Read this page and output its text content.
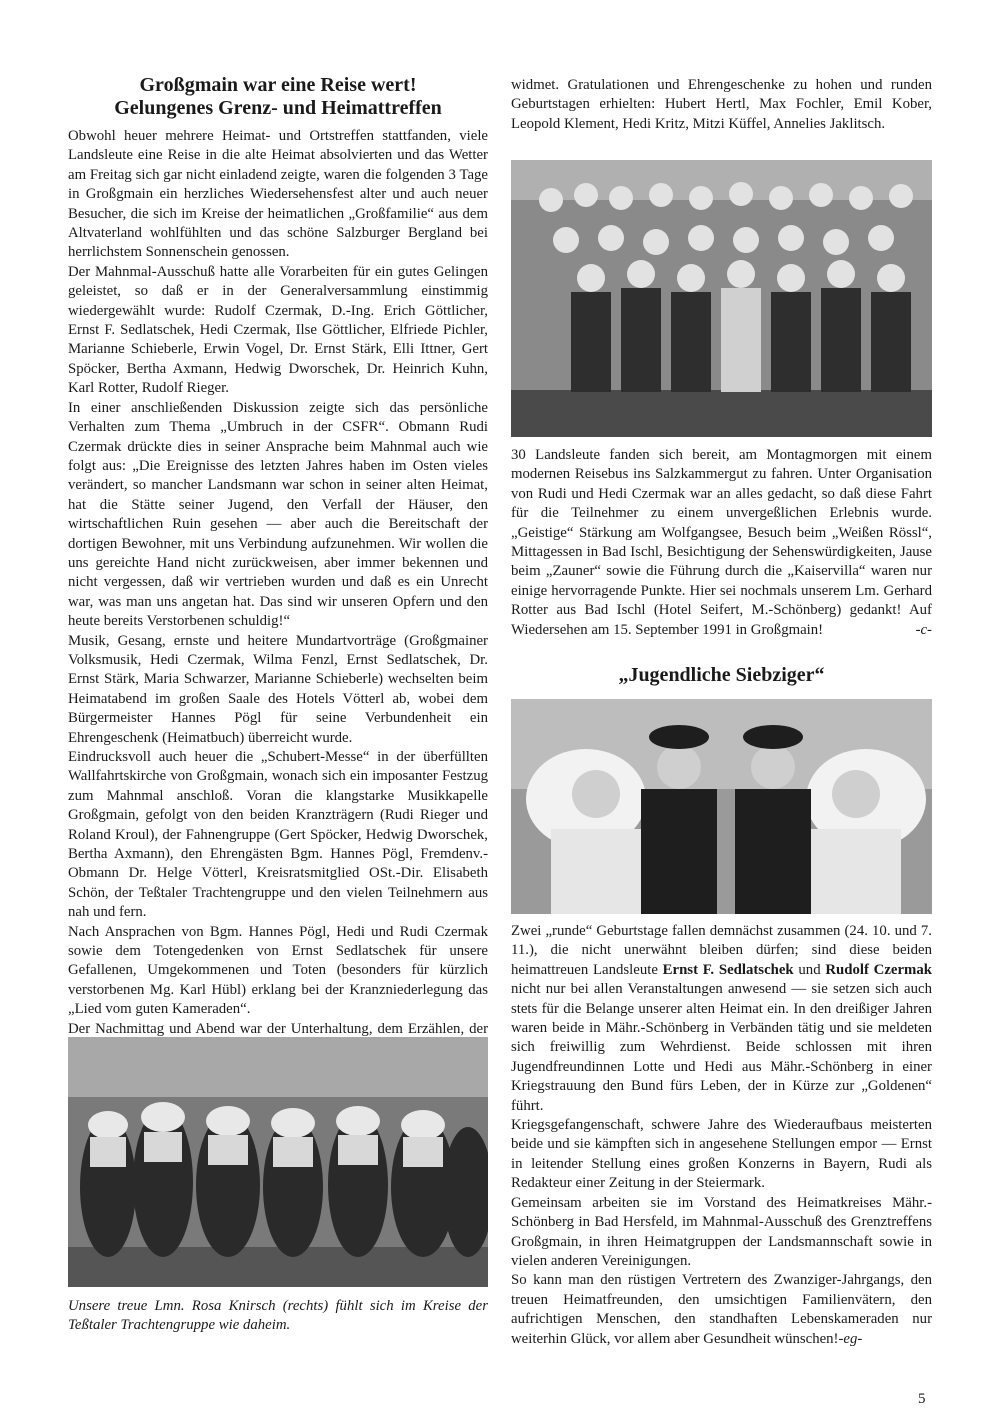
Großgmain war eine Reise wert!
Gelungenes Grenz- und Heimattreffen

Obwohl heuer mehrere Heimat- und Ortstreffen stattfanden, viele Landsleute eine Reise in die alte Heimat absolvierten und das Wetter am Freitag sich gar nicht einladend zeigte, waren die folgenden 3 Tage in Großgmain ein herzliches Wiedersehensfest alter und auch neuer Besucher, die sich im Kreise der heimatlichen „Großfamilie“ aus dem Altvaterland wohlfühlten und das schöne Salzburger Bergland bei herrlichstem Sonnenschein genossen.

Der Mahnmal-Ausschuß hatte alle Vorarbeiten für ein gutes Gelingen geleistet, so daß er in der Generalversammlung einstimmig wiedergewählt wurde: Rudolf Czermak, D.-Ing. Erich Göttlicher, Ernst F. Sedlatschek, Hedi Czermak, Ilse Göttlicher, Elfriede Pichler, Marianne Schieberle, Erwin Vogel, Dr. Ernst Stärk, Elli Ittner, Gert Spöcker, Bertha Axmann, Hedwig Dworschek, Dr. Heinrich Kuhn, Karl Rotter, Rudolf Rieger.

In einer anschließenden Diskussion zeigte sich das persönliche Verhalten zum Thema „Umbruch in der CSFR“. Obmann Rudi Czermak drückte dies in seiner Ansprache beim Mahnmal auch wie folgt aus: „Die Ereignisse des letzten Jahres haben im Osten vieles verändert, so mancher Landsmann war schon in seiner alten Heimat, hat die Stätte seiner Jugend, den Verfall der Häuser, den wirtschaftlichen Ruin gesehen — aber auch die Bereitschaft der dortigen Bewohner, mit uns Verbindung aufzunehmen. Wir wollen die uns gereichte Hand nicht zurückweisen, aber immer bekennen und nicht vergessen, daß wir vertrieben wurden und daß es ein Unrecht war, was man uns angetan hat. Das sind wir unseren Opfern und den heute bereits Verstorbenen schuldig!“

Musik, Gesang, ernste und heitere Mundartvorträge (Großgmainer Volksmusik, Hedi Czermak, Wilma Fenzl, Ernst Sedlatschek, Dr. Ernst Stärk, Maria Schwarzer, Marianne Schieberle) wechselten beim Heimatabend im großen Saale des Hotels Vötterl ab, wobei dem Bürgermeister Hannes Pögl für seine Verbundenheit ein Ehrengeschenk (Heimatbuch) überreicht wurde.

Eindrucksvoll auch heuer die „Schubert-Messe“ in der überfüllten Wallfahrtskirche von Großgmain, wonach sich ein imposanter Festzug zum Mahnmal anschloß. Voran die klangstarke Musikkapelle Großgmain, gefolgt von den beiden Kranzträgern (Rudi Rieger und Roland Kroul), der Fahnengruppe (Gert Spöcker, Hedwig Dworschek, Bertha Axmann), den Ehrengästen Bgm. Hannes Pögl, Fremdenv.-Obmann Dr. Helge Vötterl, Kreisratsmitglied OSt.-Dir. Elisabeth Schön, der Teßtaler Trachtengruppe und den vielen Teilnehmern aus nah und fern.

Nach Ansprachen von Bgm. Hannes Pögl, Hedi und Rudi Czermak sowie dem Totengedenken von Ernst Sedlatschek für unsere Gefallenen, Umgekommenen und Toten (besonders für kürzlich verstorbenen Mg. Karl Hübl) erklang bei der Kranzniederlegung das „Lied vom guten Kameraden“.

Der Nachmittag und Abend war der Unterhaltung, dem Erzählen, der

Unsere treue Lmn. Rosa Knirsch (rechts) fühlt sich im Kreise der Teßtaler Trachtengruppe wie daheim.

widmet. Gratulationen und Ehrengeschenke zu hohen und runden Geburtstagen erhielten: Hubert Hertl, Max Fochler, Emil Kober, Leopold Klement, Hedi Kritz, Mitzi Küffel, Annelies Jaklitsch.

30 Landsleute fanden sich bereit, am Montagmorgen mit einem modernen Reisebus ins Salzkammergut zu fahren. Unter Organisation von Rudi und Hedi Czermak war an alles gedacht, so daß diese Fahrt für die Teilnehmer zu einem unvergeßlichen Erlebnis wurde. „Geistige“ Stärkung am Wolfgangsee, Besuch beim „Weißen Rössl“, Mittagessen in Bad Ischl, Besichtigung der Sehenswürdigkeiten, Jause beim „Zauner“ sowie die Führung durch die „Kaiservilla“ waren nur einige hervorragende Punkte. Hier sei nochmals unserem Lm. Gerhard Rotter aus Bad Ischl (Hotel Seifert, M.-Schönberg) gedankt! Auf Wiedersehen am 15. September 1991 in Großgmain!	-c-
„Jugendliche Siebziger“

Zwei „runde“ Geburtstage fallen demnächst zusammen (24. 10. und 7. 11.), die nicht unerwähnt bleiben dürfen; sind diese beiden heimattreuen Landsleute Ernst F. Sedlatschek und Rudolf Czermak nicht nur bei allen Veranstaltungen anwesend — sie setzen sich auch stets für die Belange unserer alten Heimat ein. In den dreißiger Jahren waren beide in Mähr.-Schönberg in Verbänden tätig und sie meldeten sich freiwillig zum Wehrdienst. Beide schlossen mit ihren Jugendfreundinnen Lotte und Hedi aus Mähr.-Schönberg in einer Kriegstrauung den Bund fürs Leben, der in Kürze zur „Goldenen“ führt.

Kriegsgefangenschaft, schwere Jahre des Wiederaufbaus meisterten beide und sie kämpften sich in angesehene Stellungen empor — Ernst in leitender Stellung eines großen Konzerns in Bayern, Rudi als Redakteur einer Zeitung in der Steiermark.

Gemeinsam arbeiten sie im Vorstand des Heimatkreises Mähr.-Schönberg in Bad Hersfeld, im Mahnmal-Ausschuß des Grenztreffens Großgmain, in ihren Heimatgruppen der Landsmannschaft sowie in vielen anderen Vereinigungen.

So kann man den rüstigen Vertretern des Zwanziger-Jahrgangs, den treuen Heimatfreunden, den umsichtigen Familienvätern, den aufrichtigen Menschen, den standhaften Lebenskameraden nur weiterhin Glück, vor allem aber Gesundheit wünschen!-eg-

5
